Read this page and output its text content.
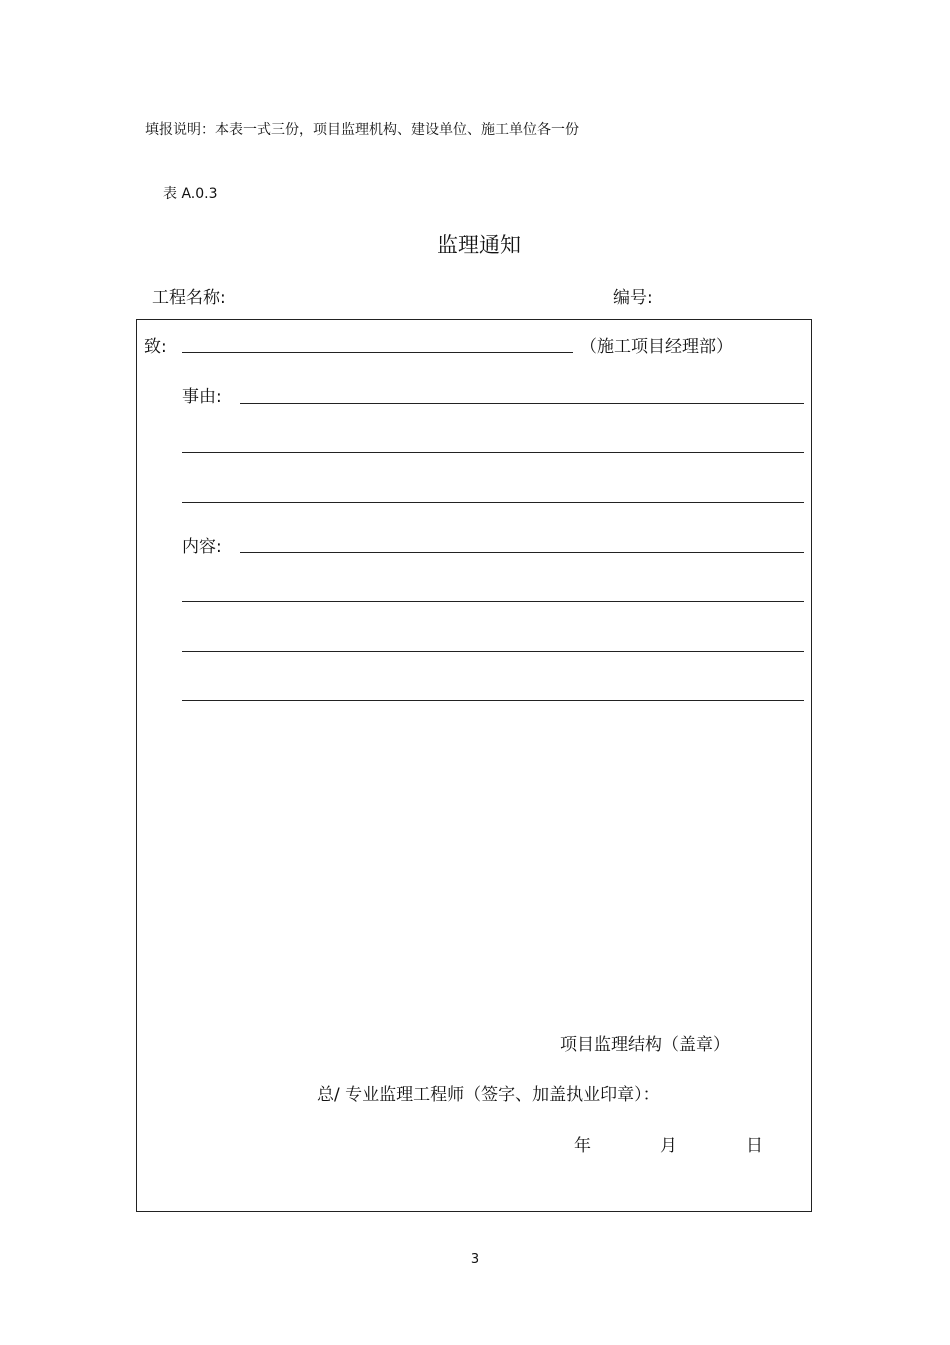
填报说明：本表一式三份，项目监理机构、建设单位、施工单位各一份
表 A.0.3
监理通知
工程名称:	编号:
致:	（施工项目经理部）
事由:
内容:
项目监理结构（盖章）
总/ 专业监理工程师（签字、加盖执业印章）：
年	月	日
3
